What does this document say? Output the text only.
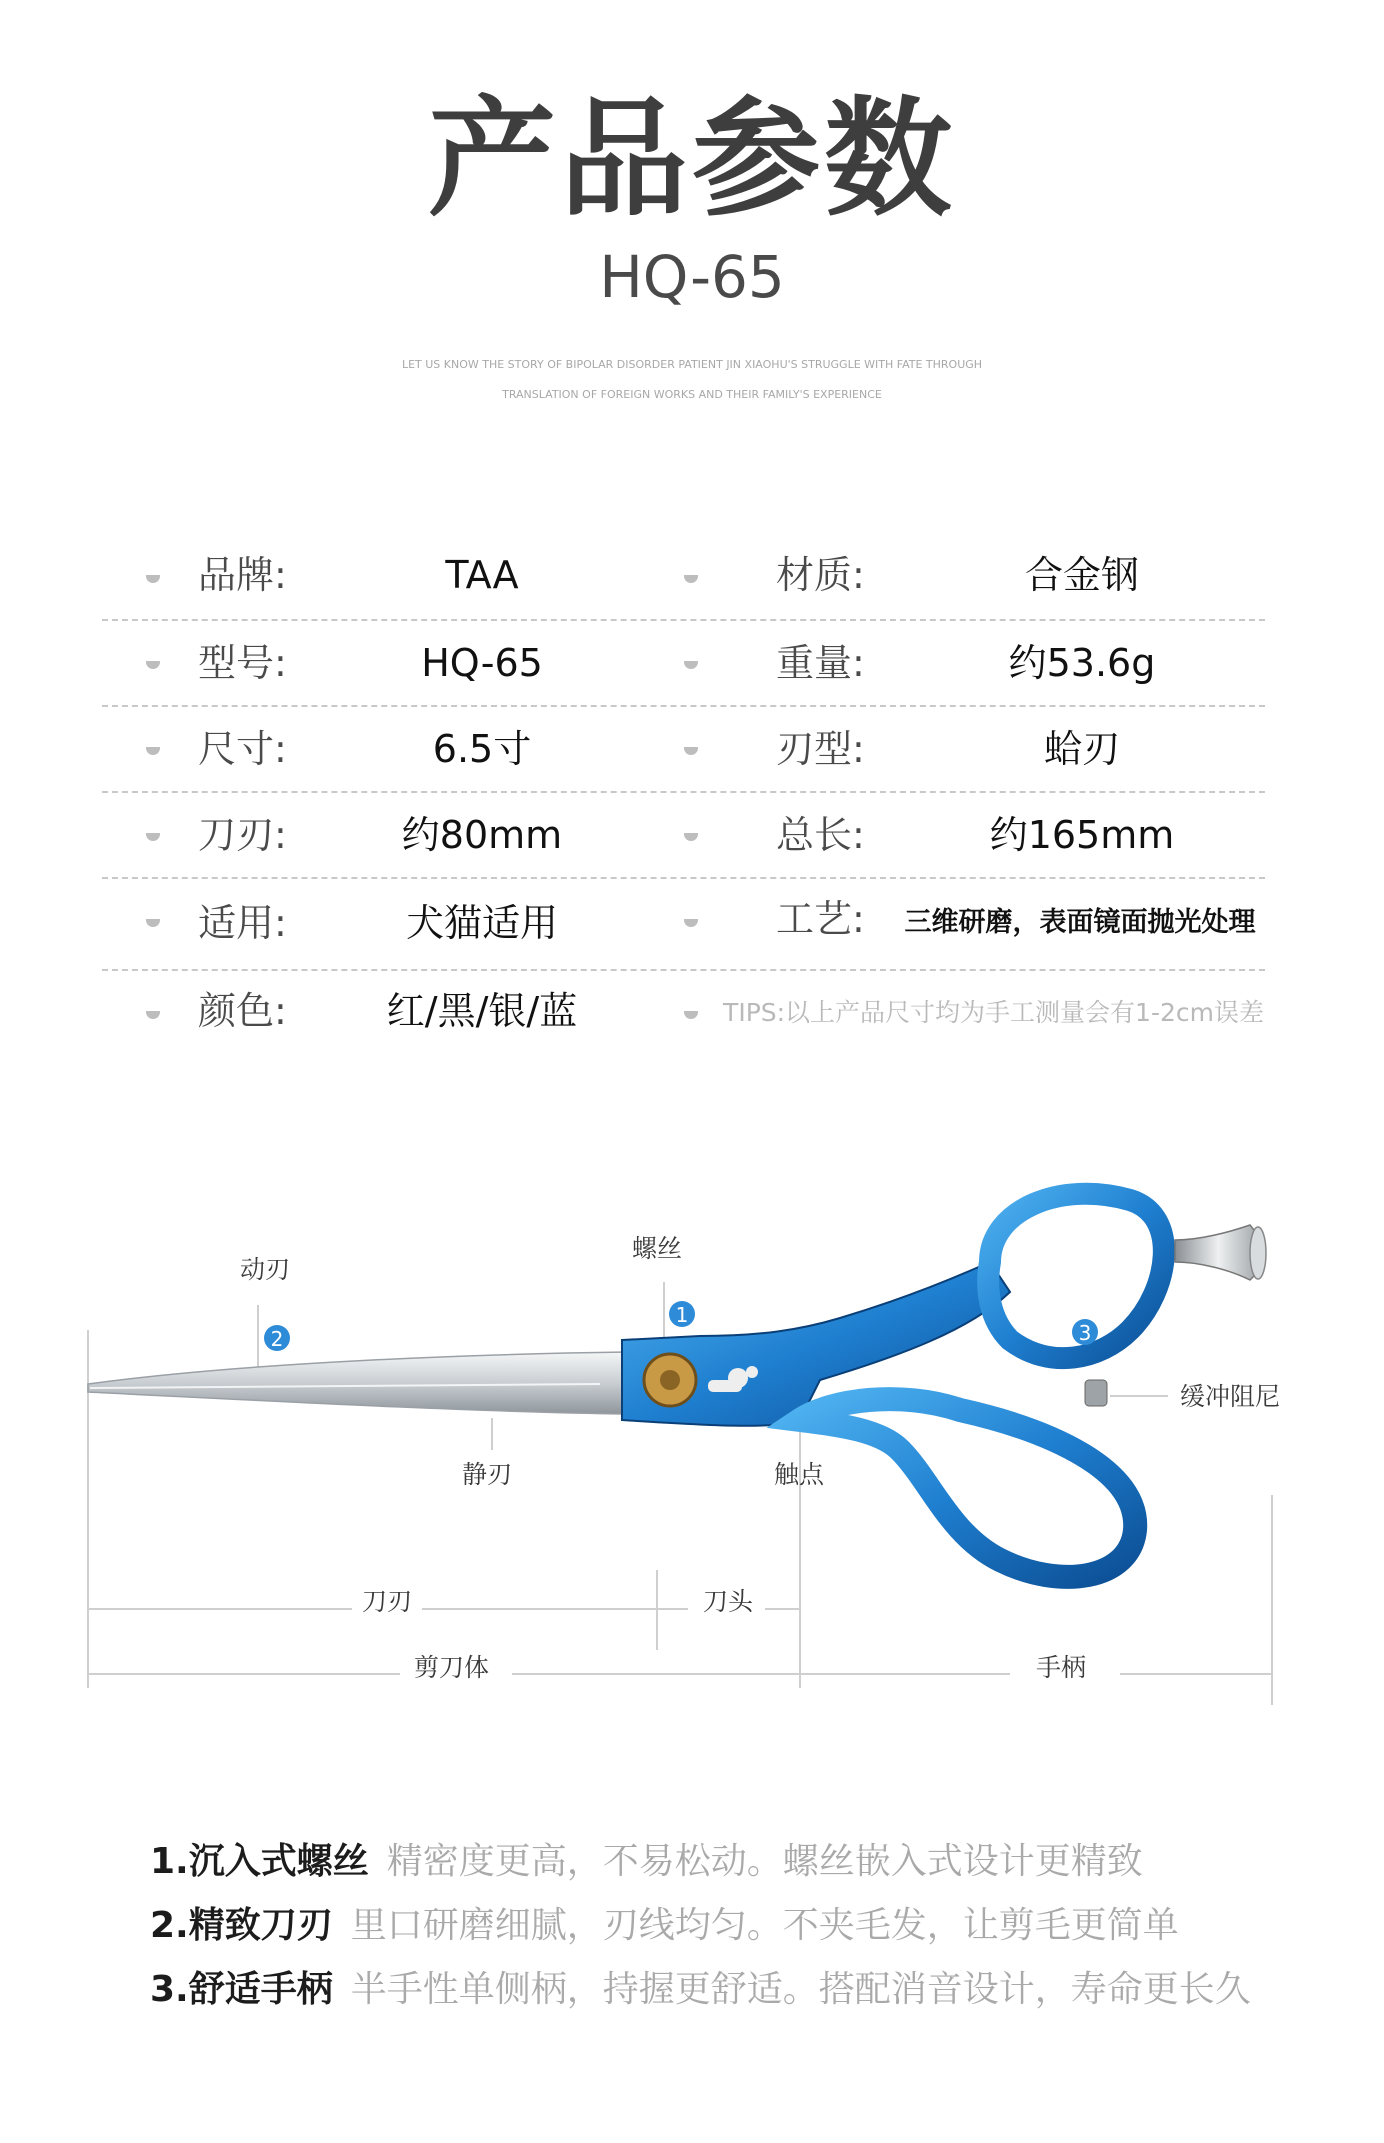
产品参数
HQ-65
LET US KNOW THE STORY OF BIPOLAR DISORDER PATIENT JIN XIAOHU'S STRUGGLE WITH FATE THROUGH
TRANSLATION OF FOREIGN WORKS AND THEIR FAMILY'S EXPERIENCE
品牌:	TAA	材质:	合金钢
型号:	HQ-65	重量:	约53.6g
尺寸:	6.5寸	刃型:	蛤刃
刀刃:	约80mm	总长:	约165mm
适用:	犬猫适用	工艺:	三维研磨，表面镜面抛光处理
颜色:	红/黑/银/蓝	TIPS:以上产品尺寸均为手工测量会有1-2cm误差
1
2	3
动刃
螺丝
缓冲阻尼
静刃	触点
刀刃	刀头
剪刀体	手柄
1.沉入式螺丝 精密度更高，不易松动。螺丝嵌入式设计更精致
2.精致刀刃 里口研磨细腻，刃线均匀。不夹毛发，让剪毛更简单
3.舒适手柄 半手性单侧柄，持握更舒适。搭配消音设计，寿命更长久
